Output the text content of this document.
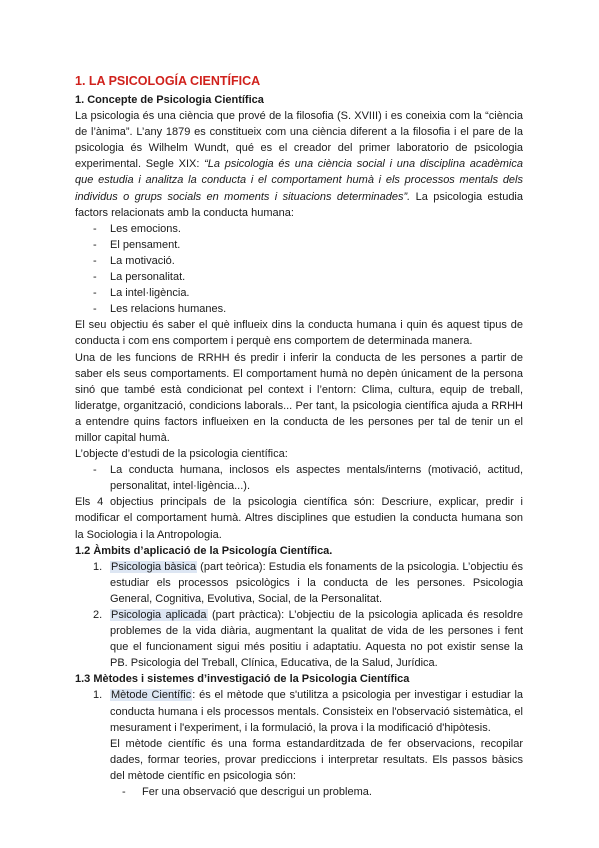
1. LA PSICOLOGÍA CIENTÍFICA
1. Concepte de Psicologia Científica

La psicologia és una ciència que prové de la filosofia (S. XVIII) i es coneixia com la “ciència de l’ànima”. L’any 1879 es constitueix com una ciència diferent a la filosofia i el pare de la psicologia és Wilhelm Wundt, qué es el creador del primer laboratorio de psicologia experimental. Segle XIX: “La psicologia és una ciència social i una disciplina acadèmica que estudia i analitza la conducta i el comportament humà i els processos mentals dels individus o grups socials en moments i situacions determinades”. La psicologia estudia factors relacionats amb la conducta humana:

- Les emocions.
- El pensament.
- La motivació.
- La personalitat.
- La intel·ligència.
- Les relacions humanes.

El seu objectiu és saber el què influeix dins la conducta humana i quin és aquest tipus de conducta i com ens comportem i perquè ens comportem de determinada manera.

Una de les funcions de RRHH és predir i inferir la conducta de les persones a partir de saber els seus comportaments. El comportament humà no depèn únicament de la persona sinó que també està condicionat pel context i l’entorn: Clima, cultura, equip de treball, lideratge, organització, condicions laborals... Per tant, la psicologia científica ajuda a RRHH a entendre quins factors influeixen en la conducta de les persones per tal de tenir un el millor capital humà.

L’objecte d’estudi de la psicologia científica:

- La conducta humana, inclosos els aspectes mentals/interns (motivació, actitud, personalitat, intel·ligència...).

Els 4 objectius principals de la psicologia científica són: Descriure, explicar, predir i modificar el comportament humà. Altres disciplines que estudien la conducta humana son la Sociologia i la Antropologia.

1.2 Àmbits d’aplicació de la Psicología Científica.
1. Psicologia bàsica (part teòrica): Estudia els fonaments de la psicologia. L’objectiu és estudiar els processos psicològics i la conducta de les persones. Psicologia General, Cognitiva, Evolutiva, Social, de la Personalitat.
2. Psicologia aplicada (part pràctica): L’objectiu de la psicologia aplicada és resoldre problemes de la vida diària, augmentant la qualitat de vida de les persones i fent que el funcionament sigui més positiu i adaptatiu. Aquesta no pot existir sense la PB. Psicologia del Treball, Clínica, Educativa, de la Salud, Jurídica.
1.3 Mètodes i sistemes d’investigació de la Psicologia Científica
1. Mètode Científic: és el mètode que s'utilitza a psicologia per investigar i estudiar la conducta humana i els processos mentals. Consisteix en l'observació sistemàtica, el mesurament i l'experiment, i la formulació, la prova i la modificació d'hipòtesis.

El mètode científic és una forma estandarditzada de fer observacions, recopilar dades, formar teories, provar prediccions i interpretar resultats. Els passos bàsics del mètode científic en psicologia són:

- Fer una observació que descrigui un problema.
